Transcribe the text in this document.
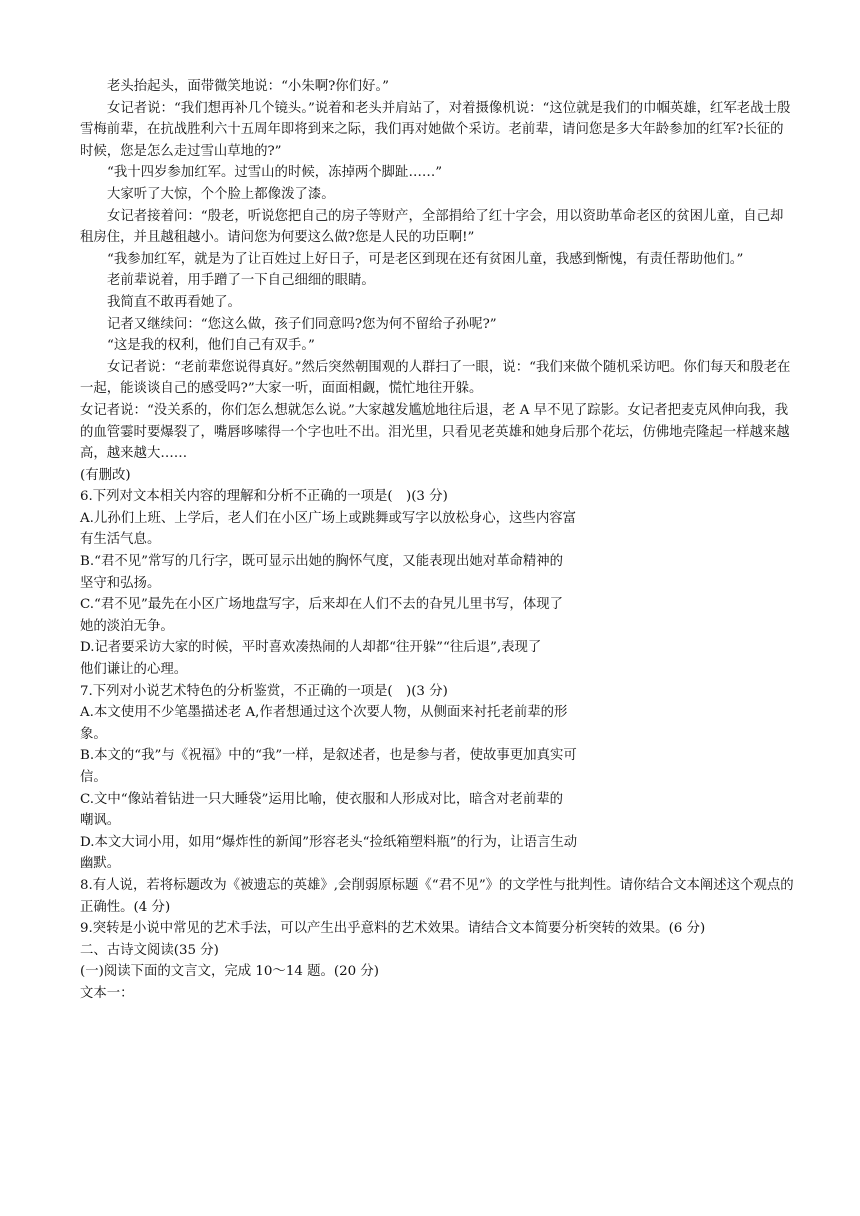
老头抬起头，面带微笑地说：“小朱啊?你们好。”

女记者说：“我们想再补几个镜头。”说着和老头并肩站了，对着摄像机说：“这位就是我们的巾帼英雄，红军老战士殷雪梅前辈，在抗战胜利六十五周年即将到来之际，我们再对她做个采访。老前辈，请问您是多大年龄参加的红军?长征的时候，您是怎么走过雪山草地的?”

“我十四岁参加红军。过雪山的时候，冻掉两个脚趾……”

大家听了大惊，个个脸上都像泼了漆。

女记者接着问：“殷老，听说您把自己的房子等财产，全部捐给了红十字会，用以资助革命老区的贫困儿童，自己却租房住，并且越租越小。请问您为何要这么做?您是人民的功臣啊!”

“我参加红军，就是为了让百姓过上好日子，可是老区到现在还有贫困儿童，我感到惭愧，有责任帮助他们。”

老前辈说着，用手蹭了一下自己细细的眼睛。

我简直不敢再看她了。

记者又继续问：“您这么做，孩子们同意吗?您为何不留给子孙呢?”

“这是我的权利，他们自己有双手。”

女记者说：“老前辈您说得真好。”然后突然朝围观的人群扫了一眼，说：“我们来做个随机采访吧。你们每天和殷老在一起，能谈谈自己的感受吗?”大家一听，面面相觑，慌忙地往开躲。

女记者说：“没关系的，你们怎么想就怎么说。”大家越发尴尬地往后退，老 A 早不见了踪影。女记者把麦克风伸向我，我的血管霎时要爆裂了，嘴唇哆嗦得一个字也吐不出。泪光里，只看见老英雄和她身后那个花坛，仿佛地壳隆起一样越来越高，越来越大……

(有删改)

6.下列对文本相关内容的理解和分析不正确的一项是(　)(3 分)

A.儿孙们上班、上学后，老人们在小区广场上或跳舞或写字以放松身心，这些内容富

有生活气息。

B.“君不见”常写的几行字，既可显示出她的胸怀气度，又能表现出她对革命精神的

坚守和弘扬。

C.“君不见”最先在小区广场地盘写字，后来却在人们不去的旮旯儿里书写，体现了

她的淡泊无争。

D.记者要采访大家的时候，平时喜欢凑热闹的人却都“往开躲”“往后退”,表现了

他们谦让的心理。

7.下列对小说艺术特色的分析鉴赏，不正确的一项是(　)(3 分)

A.本文使用不少笔墨描述老 A,作者想通过这个次要人物，从侧面来衬托老前辈的形

象。

B.本文的“我”与《祝福》中的“我”一样，是叙述者，也是参与者，使故事更加真实可

信。

C.文中“像站着钻进一只大睡袋”运用比喻，使衣服和人形成对比，暗含对老前辈的

嘲讽。

D.本文大词小用，如用“爆炸性的新闻”形容老头“捡纸箱塑料瓶”的行为，让语言生动

幽默。

8.有人说，若将标题改为《被遗忘的英雄》,会削弱原标题《“君不见”》的文学性与批判性。请你结合文本阐述这个观点的正确性。(4 分)

9.突转是小说中常见的艺术手法，可以产生出乎意料的艺术效果。请结合文本简要分析突转的效果。(6 分)

二、古诗文阅读(35 分)

(一)阅读下面的文言文，完成 10～14 题。(20 分)

文本一：
